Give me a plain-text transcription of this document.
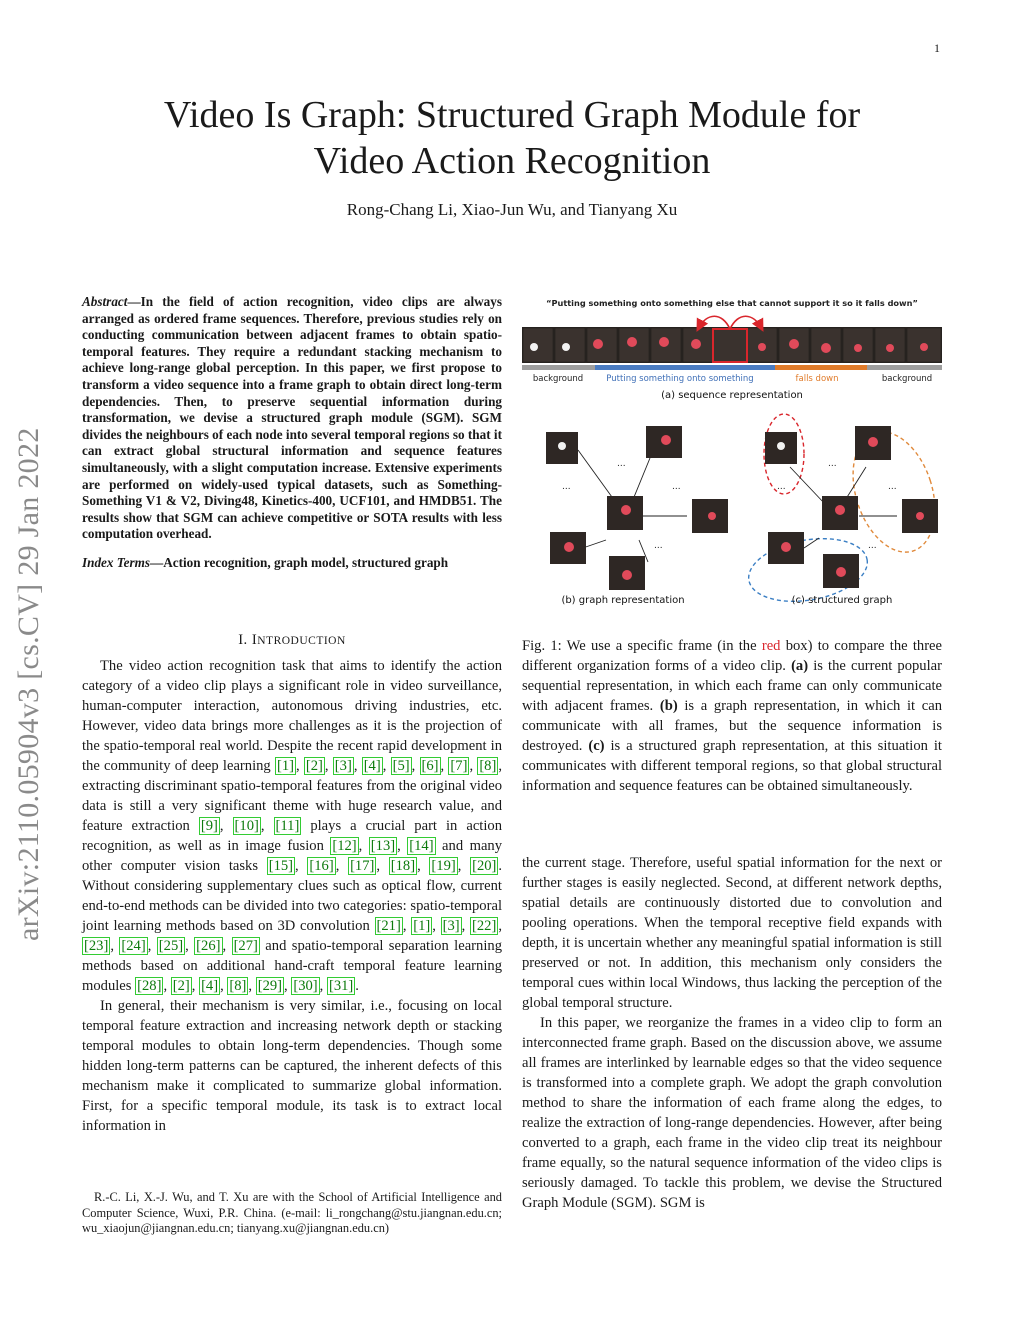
1
Video Is Graph: Structured Graph Module for
Video Action Recognition
Rong-Chang Li, Xiao-Jun Wu, and Tianyang Xu
arXiv:2110.05904v3 [cs.CV] 29 Jan 2022
Abstract—In the field of action recognition, video clips are always arranged as ordered frame sequences. Therefore, previous studies rely on conducting communication between adjacent frames to obtain spatio-temporal features. They require a redundant stacking mechanism to achieve long-range global perception. In this paper, we first propose to transform a video sequence into a frame graph to obtain direct long-term dependencies. Then, to preserve sequential information during transformation, we devise a structured graph module (SGM). SGM divides the neighbours of each node into several temporal regions so that it can extract global structural information and sequence features simultaneously, with a slight computation increase. Extensive experiments are performed on widely-used typical datasets, such as Something-Something V1 & V2, Diving48, Kinetics-400, UCF101, and HMDB51. The results show that SGM can achieve competitive or SOTA results with less computation overhead.
Index Terms—Action recognition, graph model, structured graph
I. INTRODUCTION

The video action recognition task that aims to identify the action category of a video clip plays a significant role in video surveillance, human-computer interaction, autonomous driving industries, etc. However, video data brings more challenges as it is the projection of the spatio-temporal real world. Despite the recent rapid development in the community of deep learning [1] , [2] , [3] , [4] , [5] , [6] , [7] , [8] , extracting discriminant spatio-temporal features from the original video data is still a very significant theme with huge research value, and feature extraction [9] , [10] , [11] plays a crucial part in action recognition, as well as in image fusion [12] , [13] , [14] and many other computer vision tasks [15] , [16] , [17] , [18] , [19] , [20] . Without considering supplementary clues such as optical flow, current end-to-end methods can be divided into two categories: spatio-temporal joint learning methods based on 3D convolution [21] , [1] , [3] , [22] , [23] , [24] , [25] , [26] , [27] and spatio-temporal separation learning methods based on additional hand-craft temporal feature learning modules [28] , [2] , [4] , [8] , [29] , [30] , [31] .

In general, their mechanism is very similar, i.e., focusing on local temporal feature extraction and increasing network depth or stacking temporal modules to obtain long-term dependencies. Though some hidden long-term patterns can be captured, the inherent defects of this mechanism make it complicated to summarize global information. First, for a specific temporal module, its task is to extract local information in

R.-C. Li, X.-J. Wu, and T. Xu are with the School of Artificial Intelligence and Computer Science, Wuxi, P.R. China. (e-mail: li_rongchang@stu.jiangnan.edu.cn; wu_xiaojun@jiangnan.edu.cn; tianyang.xu@jiangnan.edu.cn)

“Putting something onto something else that cannot support it so it falls down”
background	Putting something onto something	falls down	background
(a) sequence representation
...
...	...
...
...
...	...
...
(b) graph representation	(c) structured graph
Fig. 1: We use a specific frame (in the red box) to compare the three different organization forms of a video clip. (a) is the current popular sequential representation, in which each frame can only communicate with adjacent frames. (b) is a graph representation, in which it can communicate with all frames, but the sequence information is destroyed. (c) is a structured graph representation, at this situation it communicates with different temporal regions, so that global structural information and sequence features can be obtained simultaneously.

the current stage. Therefore, useful spatial information for the next or further stages is easily neglected. Second, at different network depths, spatial details are continuously distorted due to convolution and pooling operations. When the temporal receptive field expands with depth, it is uncertain whether any meaningful spatial information is still preserved or not. In addition, this mechanism only considers the temporal cues within local Windows, thus lacking the perception of the global temporal structure.

In this paper, we reorganize the frames in a video clip to form an interconnected frame graph. Based on the discussion above, we assume all frames are interlinked by learnable edges so that the video sequence is transformed into a complete graph. We adopt the graph convolution method to share the information of each frame along the edges, to realize the extraction of long-range dependencies. However, after being converted to a graph, each frame in the video clip treat its neighbour frame equally, so the natural sequence information of the video clips is seriously damaged. To tackle this problem, we devise the Structured Graph Module (SGM). SGM is
